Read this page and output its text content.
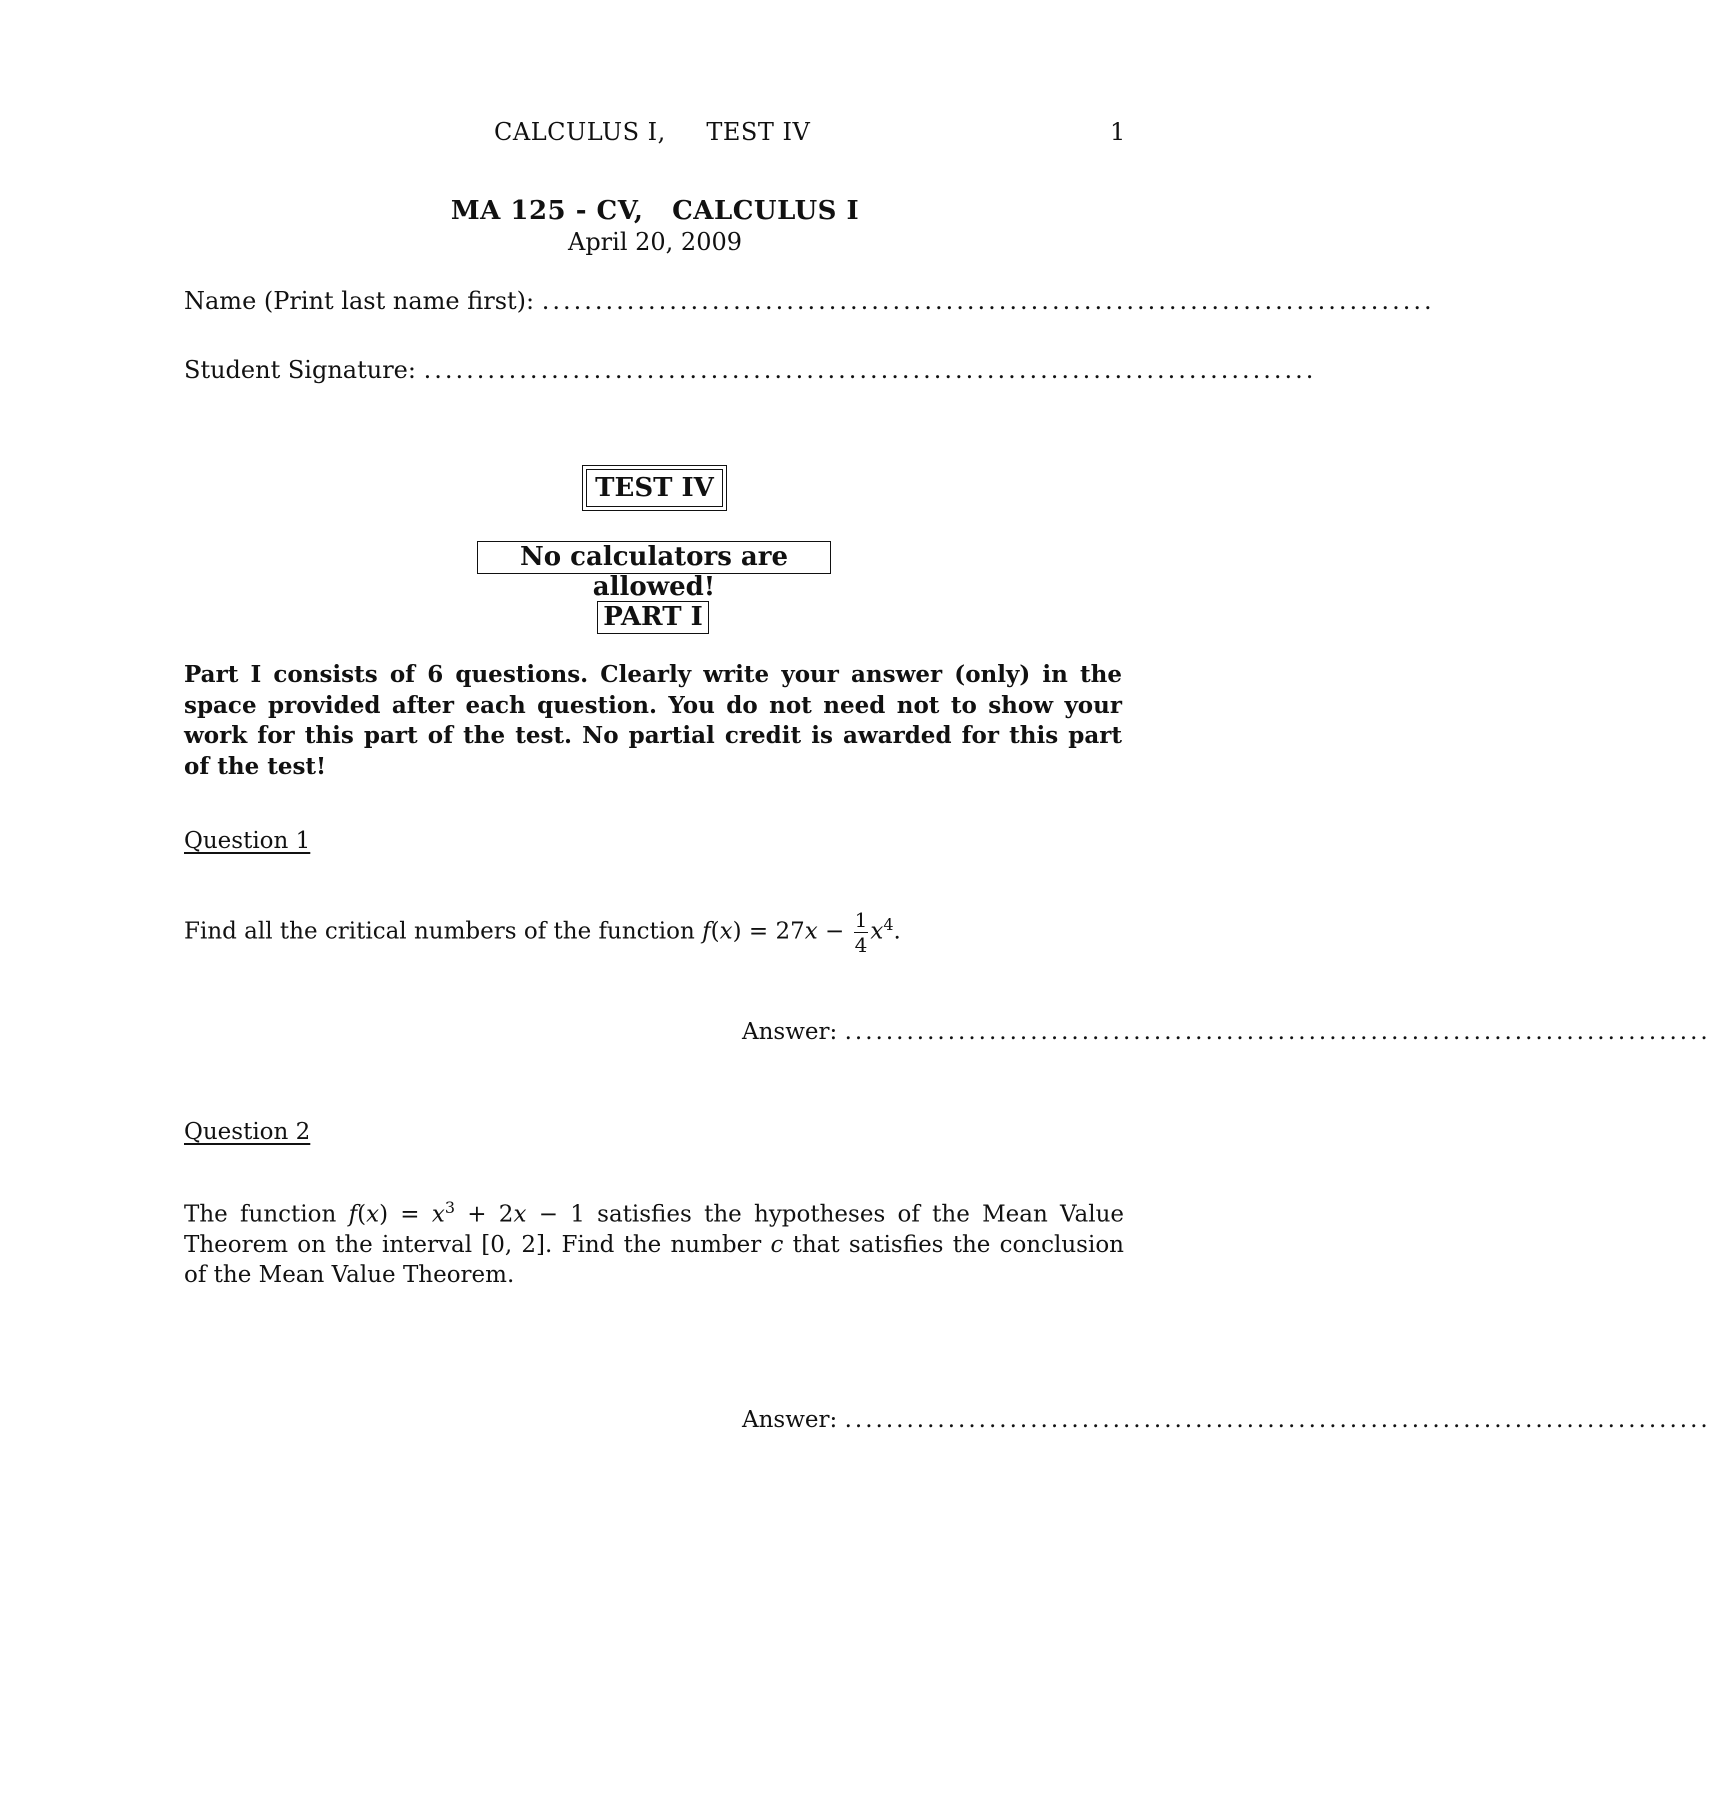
CALCULUS I,     TEST IV	1
MA 125 - CV,   CALCULUS I
April 20, 2009
Name (Print last name first): ....................................................................................
Student Signature: ....................................................................................
TEST IV
No calculators are allowed!
PART I
Part I consists of 6 questions. Clearly write your answer (only) in the space provided after each question. You do not need not to show your work for this part of the test. No partial credit is awarded for this part of the test!
Question 1
Find all the critical numbers of the function $f(x) = 27x - \frac{1}{4} x^4$.
Answer: ....................................................................................
Question 2
The function $f(x) = x^3 + 2x - 1$ satisfies the hypotheses of the Mean Value Theorem on the interval [0, 2]. Find the number c that satisfies the conclusion of the Mean Value Theorem.
Answer: ....................................................................................
